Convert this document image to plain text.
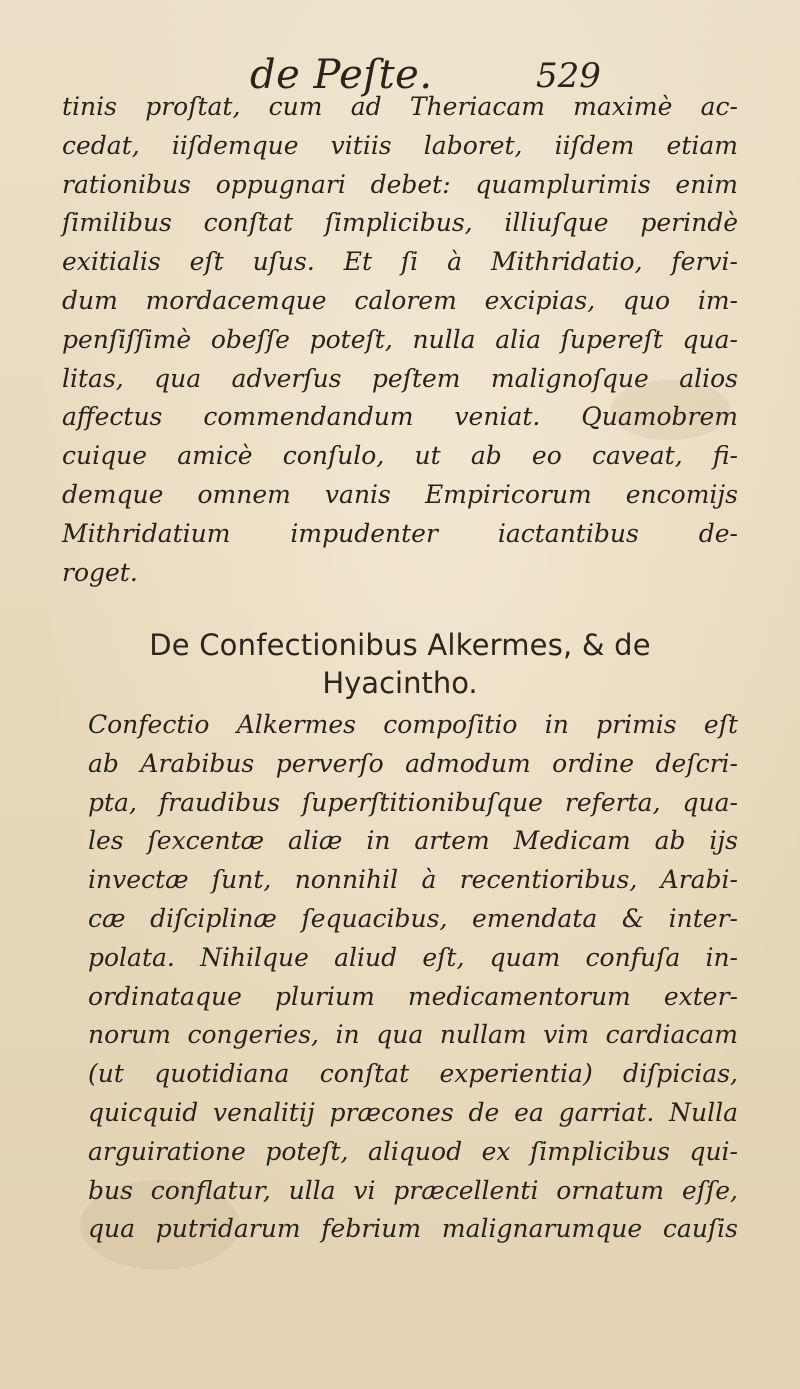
de Peſte.	529
tinis proſtat, cum ad Theriacam maximè ac-
cedat, iiſdemque vitiis laboret, iiſdem etiam
rationibus oppugnari debet: quamplurimis enim
ſimilibus conſtat ſimplicibus, illiuſque perindè
exitialis eſt uſus. Et ſi à Mithridatio, fervi-
dum mordacemque calorem excipias, quo im-
penſiſſimè obeſſe poteſt, nulla alia ſupereſt qua-
litas, qua adverſus peſtem malignoſque alios
affectus commendandum veniat. Quamobrem
cuique amicè conſulo, ut ab eo caveat, fi-
demque omnem vanis Empiricorum encomijs
Mithridatium impudenter iactantibus de-
roget.
De Confectionibus Alkermes, & de
Hyacintho.
Confectio Alkermes compoſitio in primis eſt
ab Arabibus perverſo admodum ordine deſcri-
pta, fraudibus ſuperſtitionibuſque referta, qua-
les ſexcentæ aliæ in artem Medicam ab ijs
invectæ ſunt, nonnihil à recentioribus, Arabi-
cæ diſciplinæ ſequacibus, emendata & inter-
polata. Nihilque aliud eſt, quam confuſa in-
ordinataque plurium medicamentorum exter-
norum congeries, in qua nullam vim cardiacam
(ut quotidiana conſtat experientia) diſpicias,
quicquid venalitij præcones de ea garriat. Nulla
arguiratione poteſt, aliquod ex ſimplicibus qui-
bus conflatur, ulla vi præcellenti ornatum eſſe,
qua putridarum febrium malignarumque cauſis
